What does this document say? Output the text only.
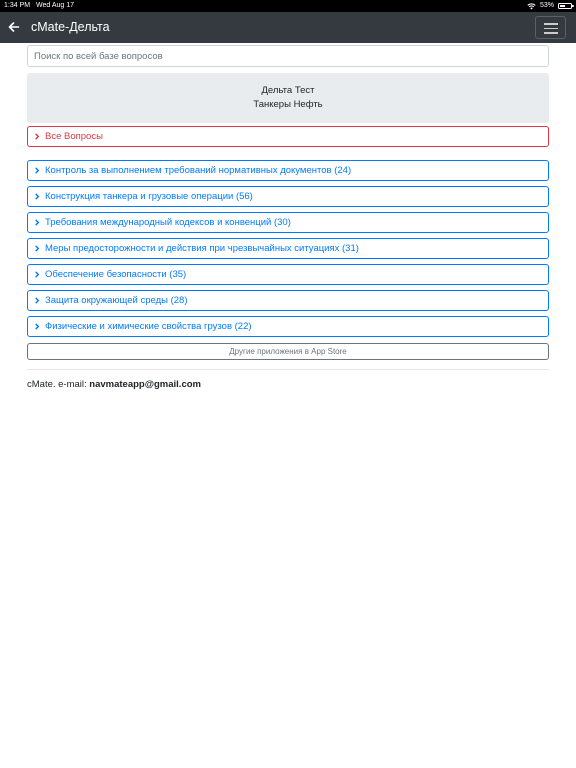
1:34 PM Wed Aug 17	53%
cMate-Дельта
Поиск по всей базе вопросов
Дельта Тест
Танкеры Нефть
Все Вопросы
Контроль за выполнением требований нормативных документов (24)
Конструкция танкера и грузовые операции (56)
Требования международный кодексов и конвенций (30)
Меры предосторожности и действия при чрезвычайных ситуациях (31)
Обеспечение безопасности (35)
Защита окружающей среды (28)
Физические и химические свойства грузов (22)
Другие приложения в App Store
cMate. e-mail: navmateapp@gmail.com
